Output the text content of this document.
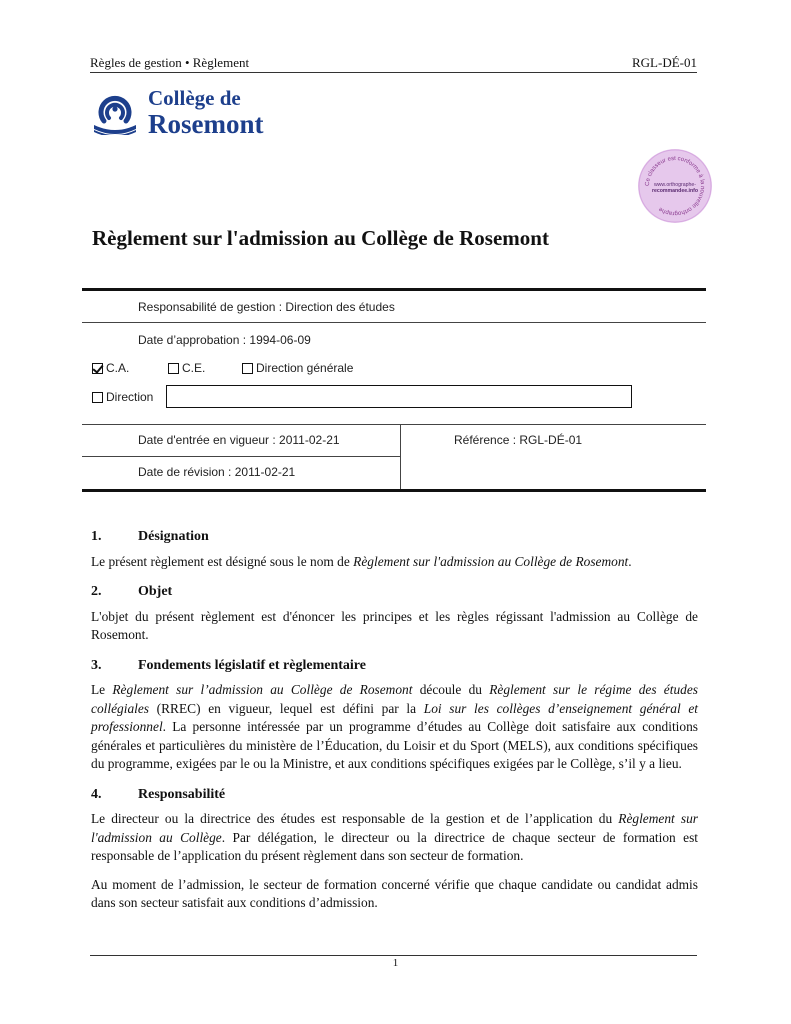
Règles de gestion • Règlement	RGL-DÉ-01
Collège de
Rosemont
Ce classeur est conforme à la nouvelle orthographe
www.orthographe-
recommandee.info
Règlement sur l'admission au Collège de Rosemont
Responsabilité de gestion : Direction des études
Date d’approbation : 1994-06-09
C.A.	C.E.	Direction générale
Direction
Date d'entrée en vigueur : 2011-02-21	Référence : RGL-DÉ-01
Date de révision : 2011-02-21
1.	Désignation

Le présent règlement est désigné sous le nom de Règlement sur l'admission au Collège de Rosemont.

2.	Objet

L'objet du présent règlement est d'énoncer les principes et les règles régissant l'admission au Collège de Rosemont.

3.	Fondements législatif et règlementaire

Le Règlement sur l’admission au Collège de Rosemont découle du Règlement sur le régime des études collégiales (RREC) en vigueur, lequel est défini par la Loi sur les collèges d’enseignement général et professionnel. La personne intéressée par un programme d’études au Collège doit satisfaire aux conditions générales et particulières du ministère de l’Éducation, du Loisir et du Sport (MELS), aux conditions spécifiques du programme, exigées par le ou la Ministre, et aux conditions spécifiques exigées par le Collège, s’il y a lieu.

4.	Responsabilité

Le directeur ou la directrice des études est responsable de la gestion et de l’application du Règlement sur l'admission au Collège. Par délégation, le directeur ou la directrice de chaque secteur de formation est responsable de l’application du présent règlement dans son secteur de formation.

Au moment de l’admission, le secteur de formation concerné vérifie que chaque candidate ou candidat admis dans son secteur satisfait aux conditions d’admission.

1
